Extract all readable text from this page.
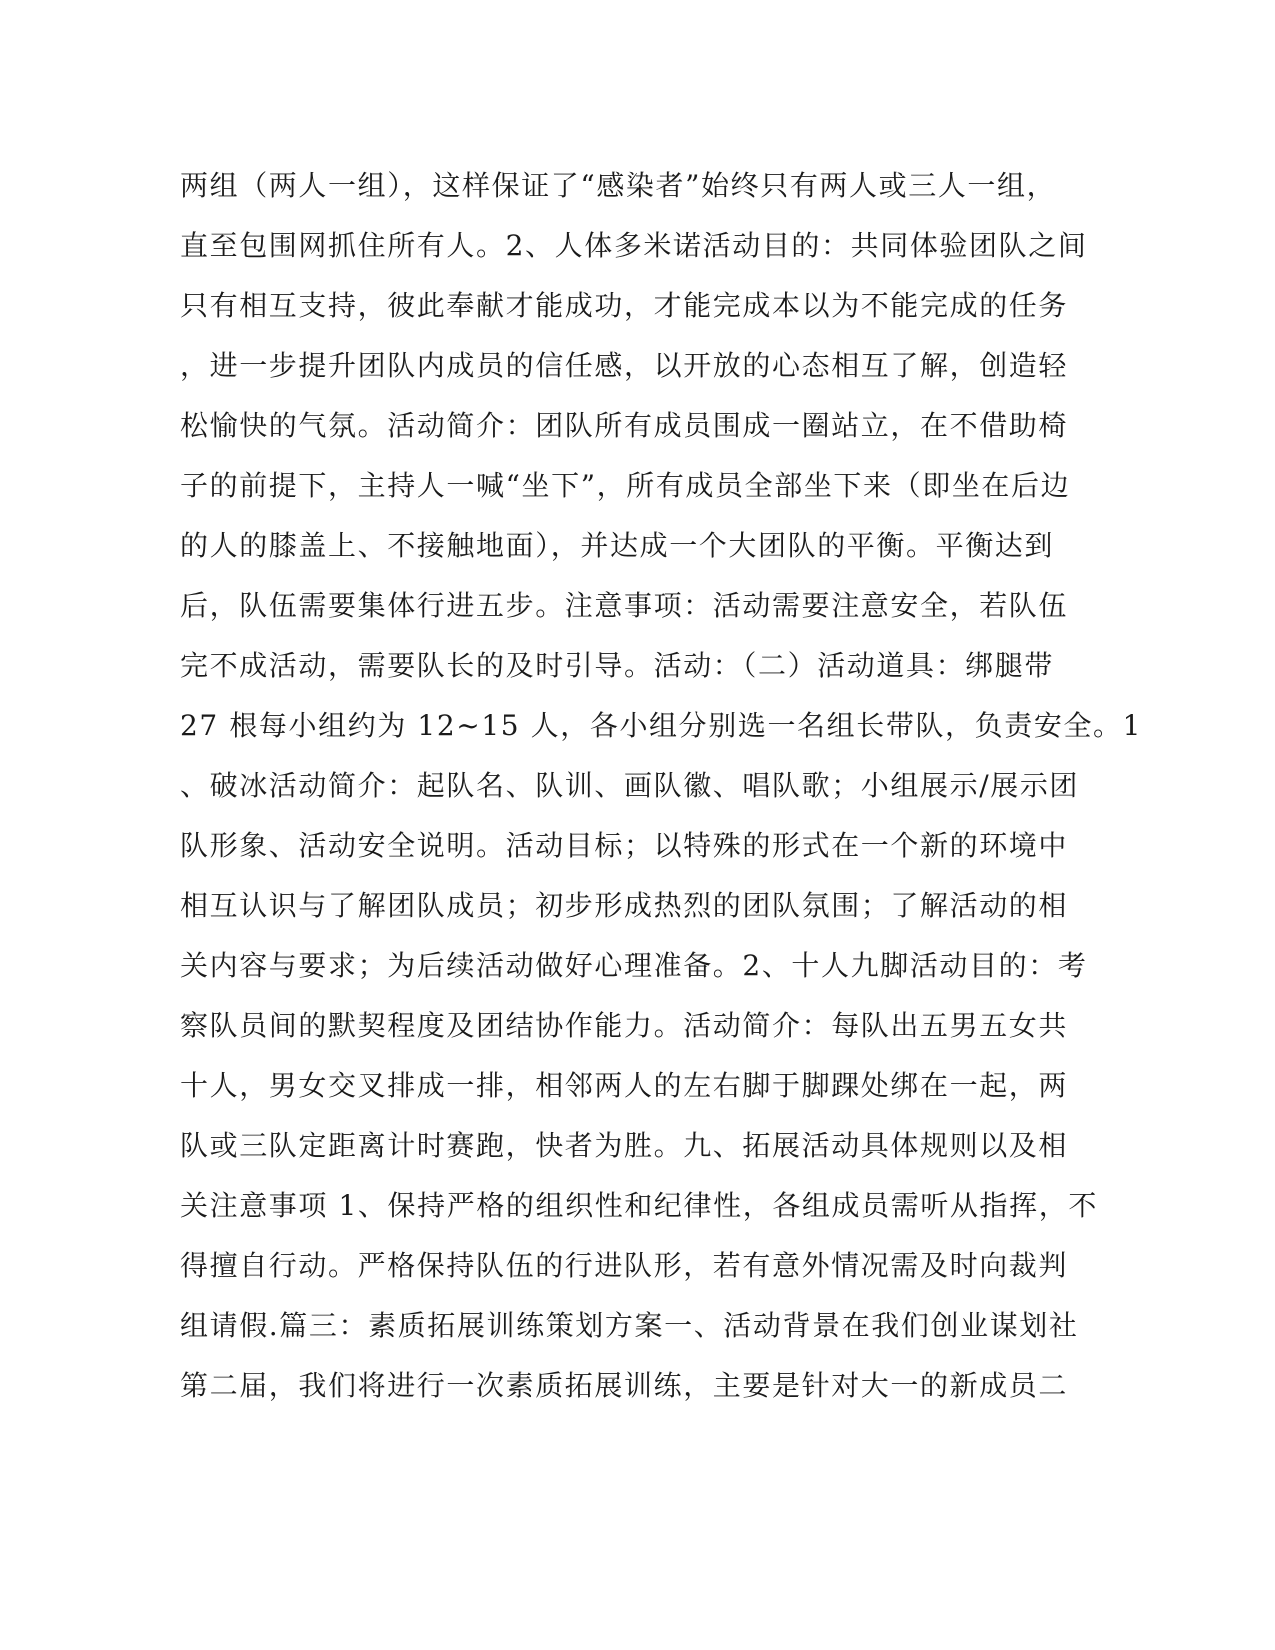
两组（两人一组），这样保证了“感染者”始终只有两人或三人一组，
直至包围网抓住所有人。2、人体多米诺活动目的：共同体验团队之间
只有相互支持，彼此奉献才能成功，才能完成本以为不能完成的任务
，进一步提升团队内成员的信任感，以开放的心态相互了解，创造轻
松愉快的气氛。活动简介：团队所有成员围成一圈站立，在不借助椅
子的前提下，主持人一喊“坐下”，所有成员全部坐下来（即坐在后边
的人的膝盖上、不接触地面），并达成一个大团队的平衡。平衡达到
后，队伍需要集体行进五步。注意事项：活动需要注意安全，若队伍
完不成活动，需要队长的及时引导。活动：（二）活动道具：绑腿带
27 根每小组约为 12~15 人，各小组分别选一名组长带队，负责安全。1
、破冰活动简介：起队名、队训、画队徽、唱队歌；小组展示/展示团
队形象、活动安全说明。活动目标；以特殊的形式在一个新的环境中
相互认识与了解团队成员；初步形成热烈的团队氛围；了解活动的相
关内容与要求；为后续活动做好心理准备。2、十人九脚活动目的：考
察队员间的默契程度及团结协作能力。活动简介：每队出五男五女共
十人，男女交叉排成一排，相邻两人的左右脚于脚踝处绑在一起，两
队或三队定距离计时赛跑，快者为胜。九、拓展活动具体规则以及相
关注意事项 1、保持严格的组织性和纪律性，各组成员需听从指挥，不
得擅自行动。严格保持队伍的行进队形，若有意外情况需及时向裁判
组请假.篇三：素质拓展训练策划方案一、活动背景在我们创业谋划社
第二届，我们将进行一次素质拓展训练，主要是针对大一的新成员二
